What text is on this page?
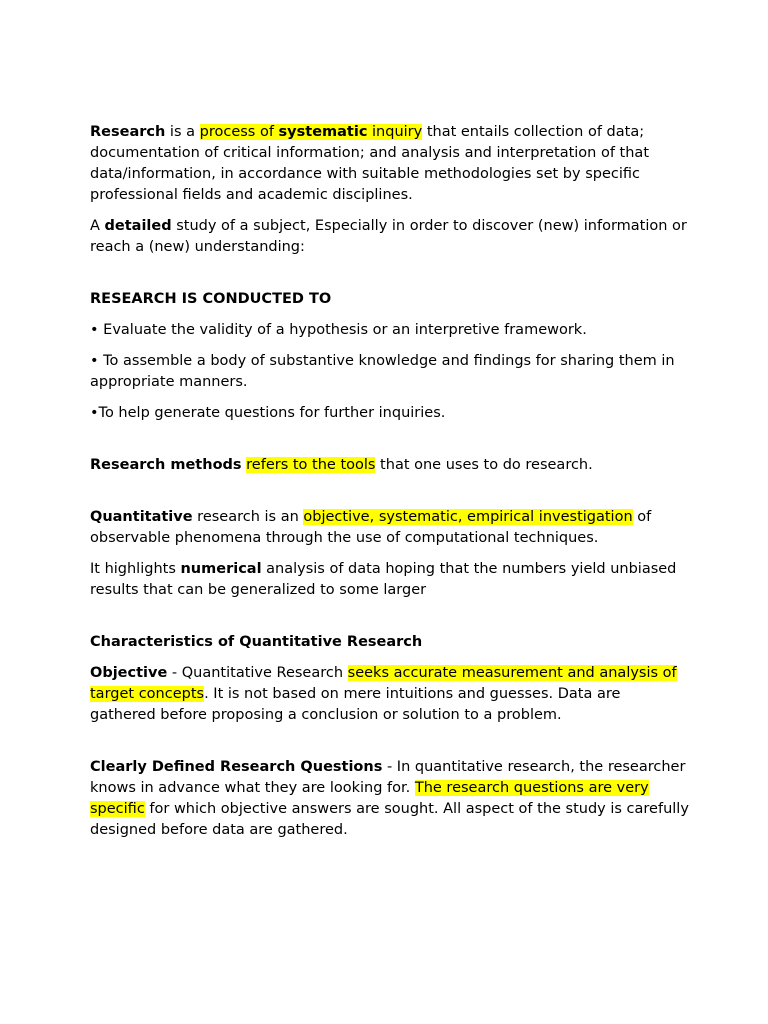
Research is a process of systematic inquiry that entails collection of data; documentation of critical information; and analysis and interpretation of that data/information, in accordance with suitable methodologies set by specific professional fields and academic disciplines.

A detailed study of a subject, Especially in order to discover (new) information or reach a (new) understanding:

RESEARCH IS CONDUCTED TO

• Evaluate the validity of a hypothesis or an interpretive framework.

• To assemble a body of substantive knowledge and findings for sharing them in appropriate manners.

•To help generate questions for further inquiries.

Research methods refers to the tools that one uses to do research.

Quantitative research is an objective, systematic, empirical investigation of observable phenomena through the use of computational techniques.

It highlights numerical analysis of data hoping that the numbers yield unbiased results that can be generalized to some larger

Characteristics of Quantitative Research

Objective - Quantitative Research seeks accurate measurement and analysis of target concepts. It is not based on mere intuitions and guesses. Data are gathered before proposing a conclusion or solution to a problem.

Clearly Defined Research Questions - In quantitative research, the researcher knows in advance what they are looking for. The research questions are very specific for which objective answers are sought. All aspect of the study is carefully designed before data are gathered.
